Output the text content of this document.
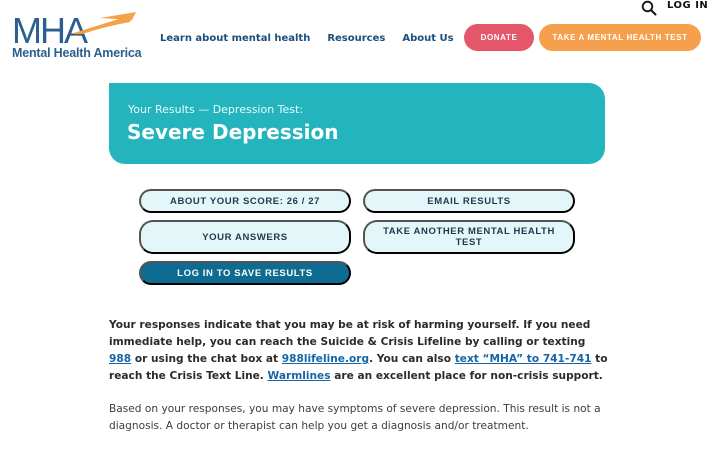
MHA
Mental Health America
Learn about mental health Resources About Us
LOG IN
DONATE	TAKE A MENTAL HEALTH TEST
Your Results — Depression Test:
Severe Depression
ABOUT YOUR SCORE: 26 / 27	EMAIL RESULTS
YOUR ANSWERS	TAKE ANOTHER MENTAL HEALTH TEST
LOG IN TO SAVE RESULTS

Your responses indicate that you may be at risk of harming yourself. If you need immediate help, you can reach the Suicide & Crisis Lifeline by calling or texting 988 or using the chat box at 988lifeline.org. You can also text “MHA” to 741-741 to reach the Crisis Text Line. Warmlines are an excellent place for non-crisis support.

Based on your responses, you may have symptoms of severe depression. This result is not a diagnosis. A doctor or therapist can help you get a diagnosis and/or treatment.
